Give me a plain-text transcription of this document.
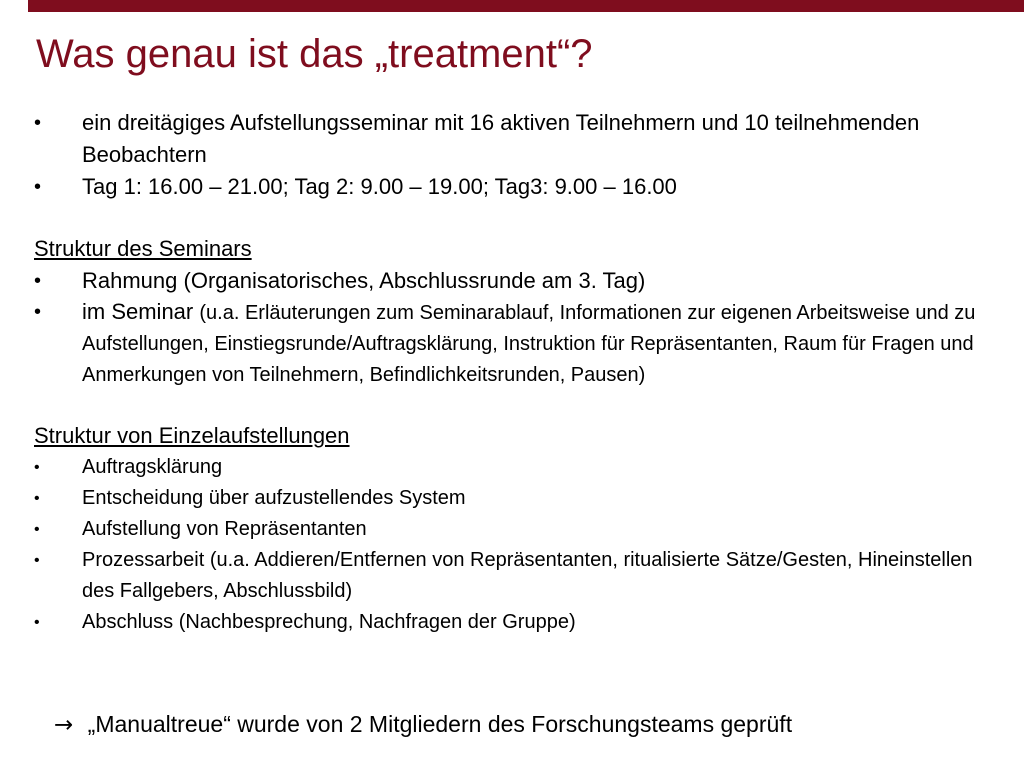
Was genau ist das „treatment“?
•	ein dreitägiges Aufstellungsseminar mit 16 aktiven Teilnehmern und 10 teilnehmenden Beobachtern
•	Tag 1: 16.00 – 21.00; Tag 2: 9.00 – 19.00; Tag3: 9.00 – 16.00
Struktur des Seminars
•	Rahmung (Organisatorisches, Abschlussrunde am 3. Tag)
•	im Seminar (u.a. Erläuterungen zum Seminarablauf, Informationen zur eigenen Arbeitsweise und zu Aufstellungen, Einstiegsrunde/Auftragsklärung, Instruktion für Repräsentanten, Raum für Fragen und Anmerkungen von Teilnehmern, Befindlichkeitsrunden, Pausen)
Struktur von Einzelaufstellungen
•	Auftragsklärung
•	Entscheidung über aufzustellendes System
•	Aufstellung von Repräsentanten
•	Prozessarbeit (u.a. Addieren/Entfernen von Repräsentanten, ritualisierte Sätze/Gesten, Hineinstellen des Fallgebers, Abschlussbild)
•	Abschluss (Nachbesprechung, Nachfragen der Gruppe)
→ „Manualtreue“ wurde von 2 Mitgliedern des Forschungsteams geprüft
